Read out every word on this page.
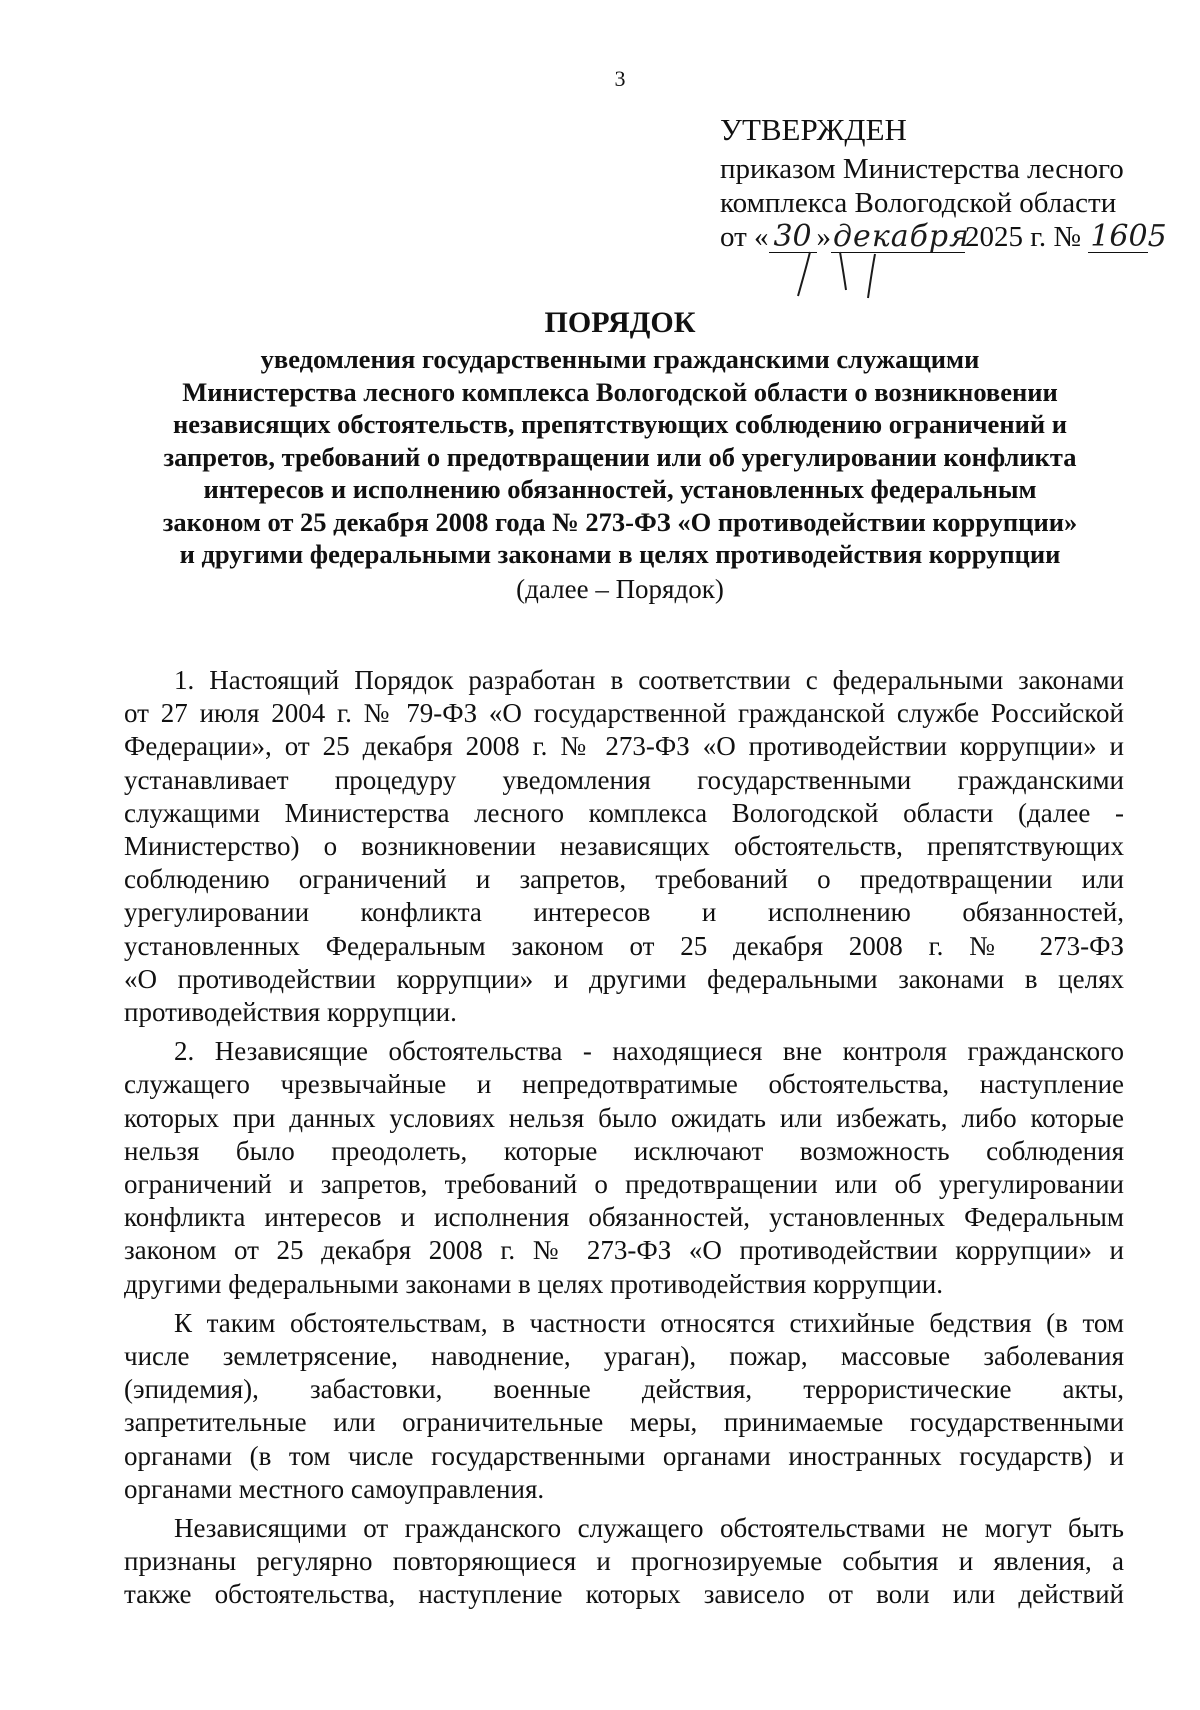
3
УТВЕРЖДЕН
приказом Министерства лесного
комплекса Вологодской области
от « 30 »декабря2025 г. № 1605
ПОРЯДОК
уведомления государственными гражданскими служащими
Министерства лесного комплекса Вологодской области о возникновении
независящих обстоятельств, препятствующих соблюдению ограничений и
запретов, требований о предотвращении или об урегулировании конфликта
интересов и исполнению обязанностей, установленных федеральным
законом от 25 декабря 2008 года № 273-ФЗ «О противодействии коррупции»
и другими федеральными законами в целях противодействия коррупции
(далее – Порядок)
1. Настоящий Порядок разработан в соответствии с федеральными законами
от 27 июля 2004 г. № 79-ФЗ «О государственной гражданской службе Российской
Федерации», от 25 декабря 2008 г. № 273-ФЗ «О противодействии коррупции» и
устанавливает процедуру уведомления государственными гражданскими
служащими Министерства лесного комплекса Вологодской области (далее -
Министерство) о возникновении независящих обстоятельств, препятствующих
соблюдению ограничений и запретов, требований о предотвращении или
урегулировании конфликта интересов и исполнению обязанностей,
установленных Федеральным законом от 25 декабря 2008 г. № 273-ФЗ
«О противодействии коррупции» и другими федеральными законами в целях
противодействия коррупции.
2. Независящие обстоятельства - находящиеся вне контроля гражданского
служащего чрезвычайные и непредотвратимые обстоятельства, наступление
которых при данных условиях нельзя было ожидать или избежать, либо которые
нельзя было преодолеть, которые исключают возможность соблюдения
ограничений и запретов, требований о предотвращении или об урегулировании
конфликта интересов и исполнения обязанностей, установленных Федеральным
законом от 25 декабря 2008 г. № 273-ФЗ «О противодействии коррупции» и
другими федеральными законами в целях противодействия коррупции.
К таким обстоятельствам, в частности относятся стихийные бедствия (в том
числе землетрясение, наводнение, ураган), пожар, массовые заболевания
(эпидемия), забастовки, военные действия, террористические акты,
запретительные или ограничительные меры, принимаемые государственными
органами (в том числе государственными органами иностранных государств) и
органами местного самоуправления.
Независящими от гражданского служащего обстоятельствами не могут быть
признаны регулярно повторяющиеся и прогнозируемые события и явления, а
также обстоятельства, наступление которых зависело от воли или действий
